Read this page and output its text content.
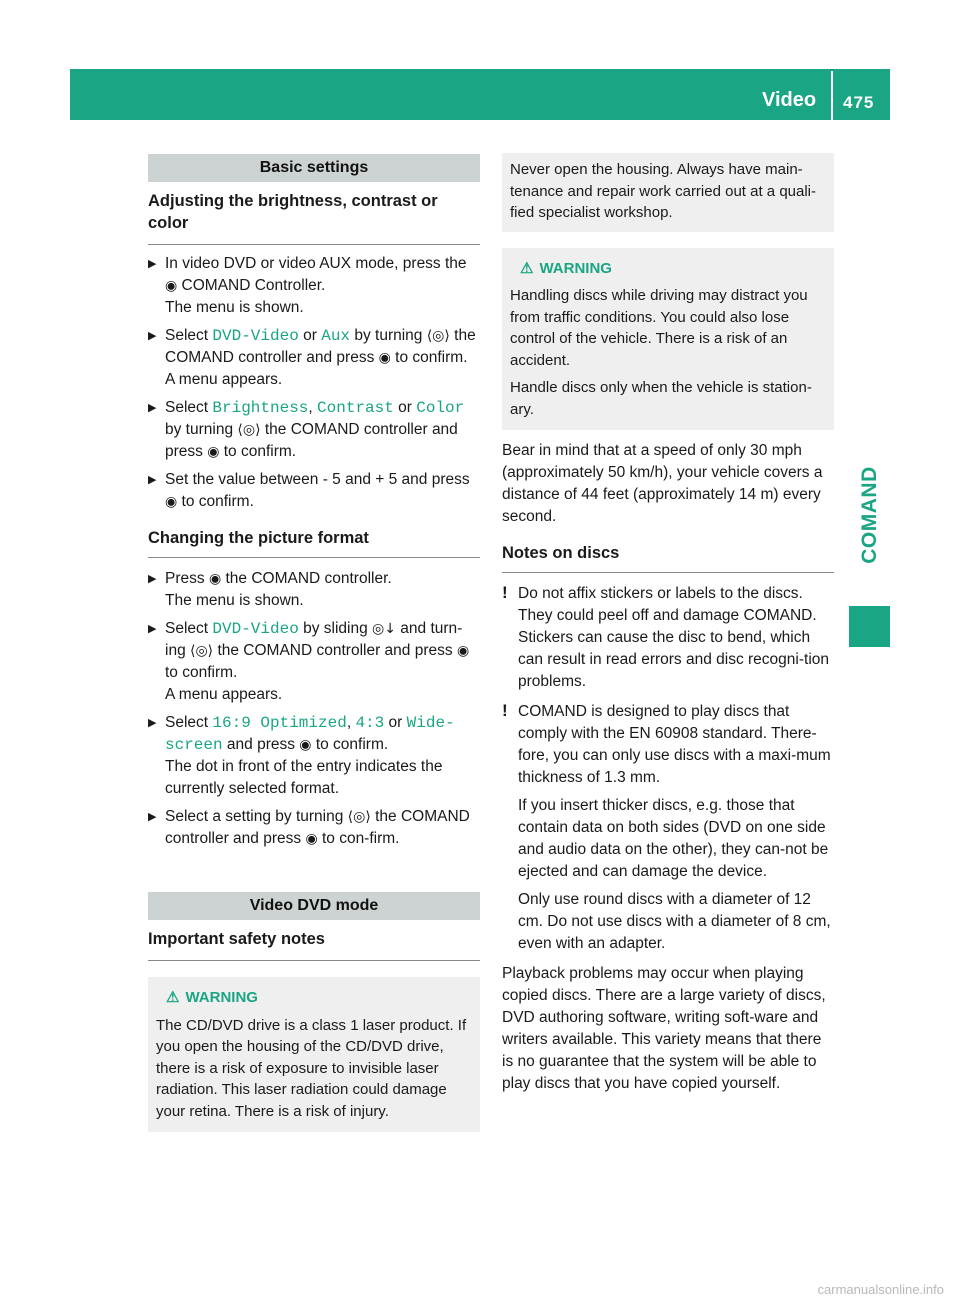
Video 475
COMAND
Basic settings
Adjusting the brightness, contrast or color
▶ In video DVD or video AUX mode, press the
◉ COMAND Controller.
The menu is shown.
▶ Select DVD-Video or Aux by turning ⟨◎⟩ the COMAND controller and press ◉ to confirm.
A menu appears.
▶ Select Brightness, Contrast or Color by turning ⟨◎⟩ the COMAND controller and press ◉ to confirm.
▶ Set the value between - 5 and + 5 and press
◉ to confirm.
Changing the picture format
▶ Press ◉ the COMAND controller.
The menu is shown.
▶ Select DVD-Video by sliding ◎↓ and turn-ing ⟨◎⟩ the COMAND controller and press ◉ to confirm.
A menu appears.
▶ Select 16:9 Optimized, 4:3 or Wide‐ screen and press ◉ to confirm.
The dot in front of the entry indicates the currently selected format.
▶ Select a setting by turning ⟨◎⟩ the COMAND controller and press ◉ to con-firm.
Video DVD mode
Important safety notes
⚠ WARNING
The CD/DVD drive is a class 1 laser product. If you open the housing of the CD/DVD drive, there is a risk of exposure to invisible laser radiation. This laser radiation could damage your retina. There is a risk of injury.
Never open the housing. Always have main-tenance and repair work carried out at a quali-fied specialist workshop.
⚠ WARNING

Handling discs while driving may distract you from traffic conditions. You could also lose control of the vehicle. There is a risk of an accident.

Handle discs only when the vehicle is station-ary.

Bear in mind that at a speed of only 30 mph (approximately 50 km/h), your vehicle covers a distance of 44 feet (approximately 14 m) every second.

Notes on discs
! Do not affix stickers or labels to the discs. They could peel off and damage COMAND. Stickers can cause the disc to bend, which can result in read errors and disc recogni-tion problems.

! COMAND is designed to play discs that comply with the EN 60908 standard. There-fore, you can only use discs with a maxi-mum thickness of 1.3 mm.

If you insert thicker discs, e.g. those that contain data on both sides (DVD on one side and audio data on the other), they can-not be ejected and can damage the device.

Only use round discs with a diameter of 12 cm. Do not use discs with a diameter of 8 cm, even with an adapter.

Playback problems may occur when playing copied discs. There are a large variety of discs, DVD authoring software, writing soft-ware and writers available. This variety means that there is no guarantee that the system will be able to play discs that you have copied yourself.

carmanualsonline.info
